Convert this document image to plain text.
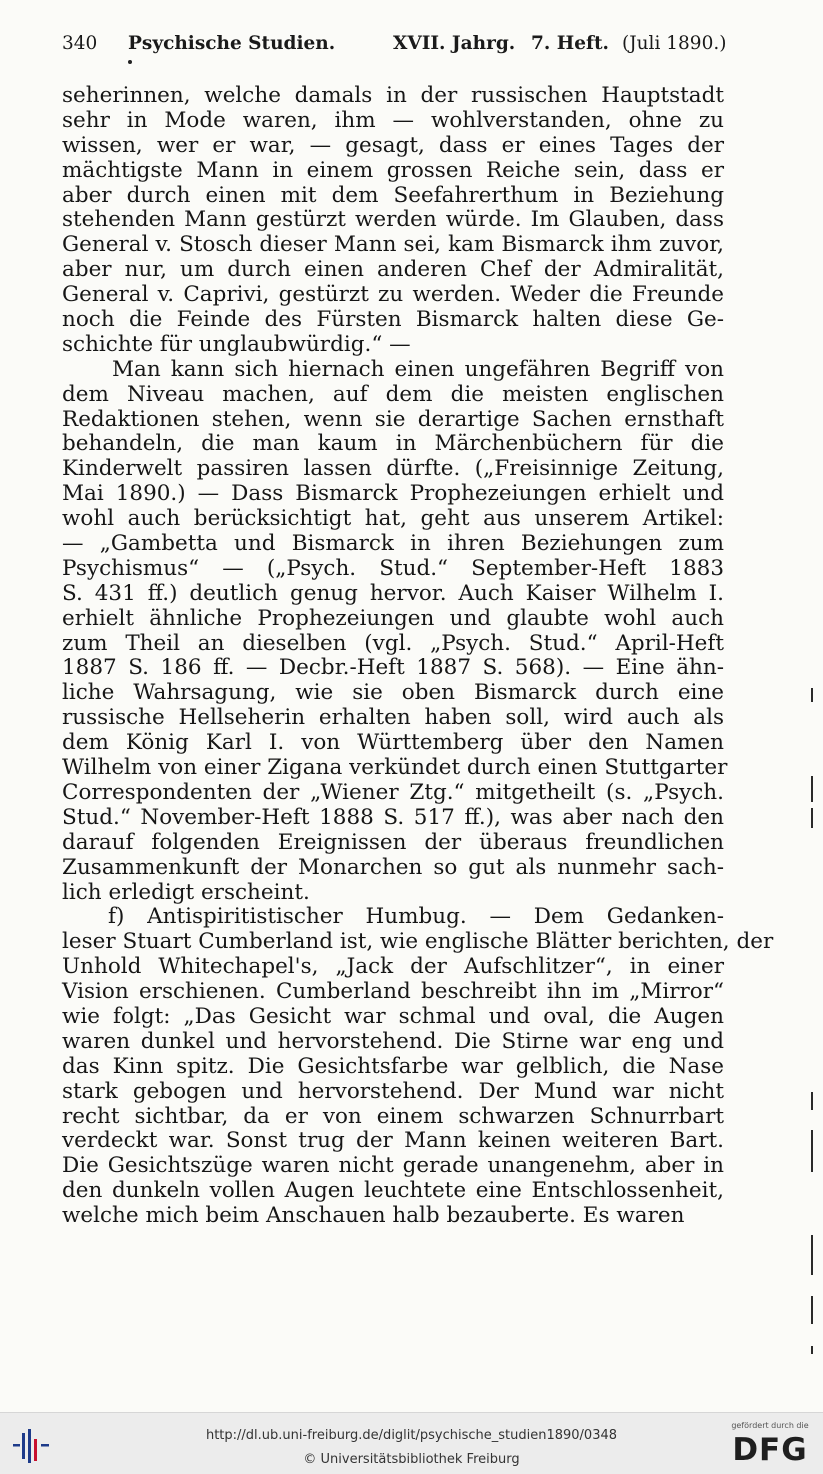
340 Psychische Studien.	XVII. Jahrg. 7. Heft. (Juli 1890.)
seherinnen, welche damals in der russischen Hauptstadt
sehr in Mode waren, ihm — wohlverstanden, ohne zu
wissen, wer er war, — gesagt, dass er eines Tages der
mächtigste Mann in einem grossen Reiche sein, dass er
aber durch einen mit dem Seefahrerthum in Beziehung
stehenden Mann gestürzt werden würde. Im Glauben, dass
General v. Stosch dieser Mann sei, kam Bismarck ihm zuvor,
aber nur, um durch einen anderen Chef der Admiralität,
General v. Caprivi, gestürzt zu werden. Weder die Freunde
noch die Feinde des Fürsten Bismarck halten diese Ge-
schichte für unglaubwürdig.“ —
Man kann sich hiernach einen ungefähren Begriff von
dem Niveau machen, auf dem die meisten englischen
Redaktionen stehen, wenn sie derartige Sachen ernsthaft
behandeln, die man kaum in Märchenbüchern für die
Kinderwelt passiren lassen dürfte. („Freisinnige Zeitung,
Mai 1890.) — Dass Bismarck Prophezeiungen erhielt und
wohl auch berücksichtigt hat, geht aus unserem Artikel:
— „Gambetta und Bismarck in ihren Beziehungen zum
Psychismus“ — („Psych. Stud.“ September-Heft 1883
S. 431 ff.) deutlich genug hervor. Auch Kaiser Wilhelm I.
erhielt ähnliche Prophezeiungen und glaubte wohl auch
zum Theil an dieselben (vgl. „Psych. Stud.“ April-Heft
1887 S. 186 ff. — Decbr.-Heft 1887 S. 568). — Eine ähn-
liche Wahrsagung, wie sie oben Bismarck durch eine
russische Hellseherin erhalten haben soll, wird auch als
dem König Karl I. von Württemberg über den Namen
Wilhelm von einer Zigana verkündet durch einen Stuttgarter
Correspondenten der „Wiener Ztg.“ mitgetheilt (s. „Psych.
Stud.“ November-Heft 1888 S. 517 ff.), was aber nach den
darauf folgenden Ereignissen der überaus freundlichen
Zusammenkunft der Monarchen so gut als nunmehr sach-
lich erledigt erscheint.
f) Antispiritistischer Humbug. — Dem Gedanken-
leser Stuart Cumberland ist, wie englische Blätter berichten, der
Unhold Whitechapel's, „Jack der Aufschlitzer“, in einer
Vision erschienen. Cumberland beschreibt ihn im „Mirror“
wie folgt: „Das Gesicht war schmal und oval, die Augen
waren dunkel und hervorstehend. Die Stirne war eng und
das Kinn spitz. Die Gesichtsfarbe war gelblich, die Nase
stark gebogen und hervorstehend. Der Mund war nicht
recht sichtbar, da er von einem schwarzen Schnurrbart
verdeckt war. Sonst trug der Mann keinen weiteren Bart.
Die Gesichtszüge waren nicht gerade unangenehm, aber in
den dunkeln vollen Augen leuchtete eine Entschlossenheit,
welche mich beim Anschauen halb bezauberte. Es waren
http://dl.ub.uni-freiburg.de/diglit/psychische_studien1890/0348
© Universitätsbibliothek Freiburg
gefördert durch die
DFG
